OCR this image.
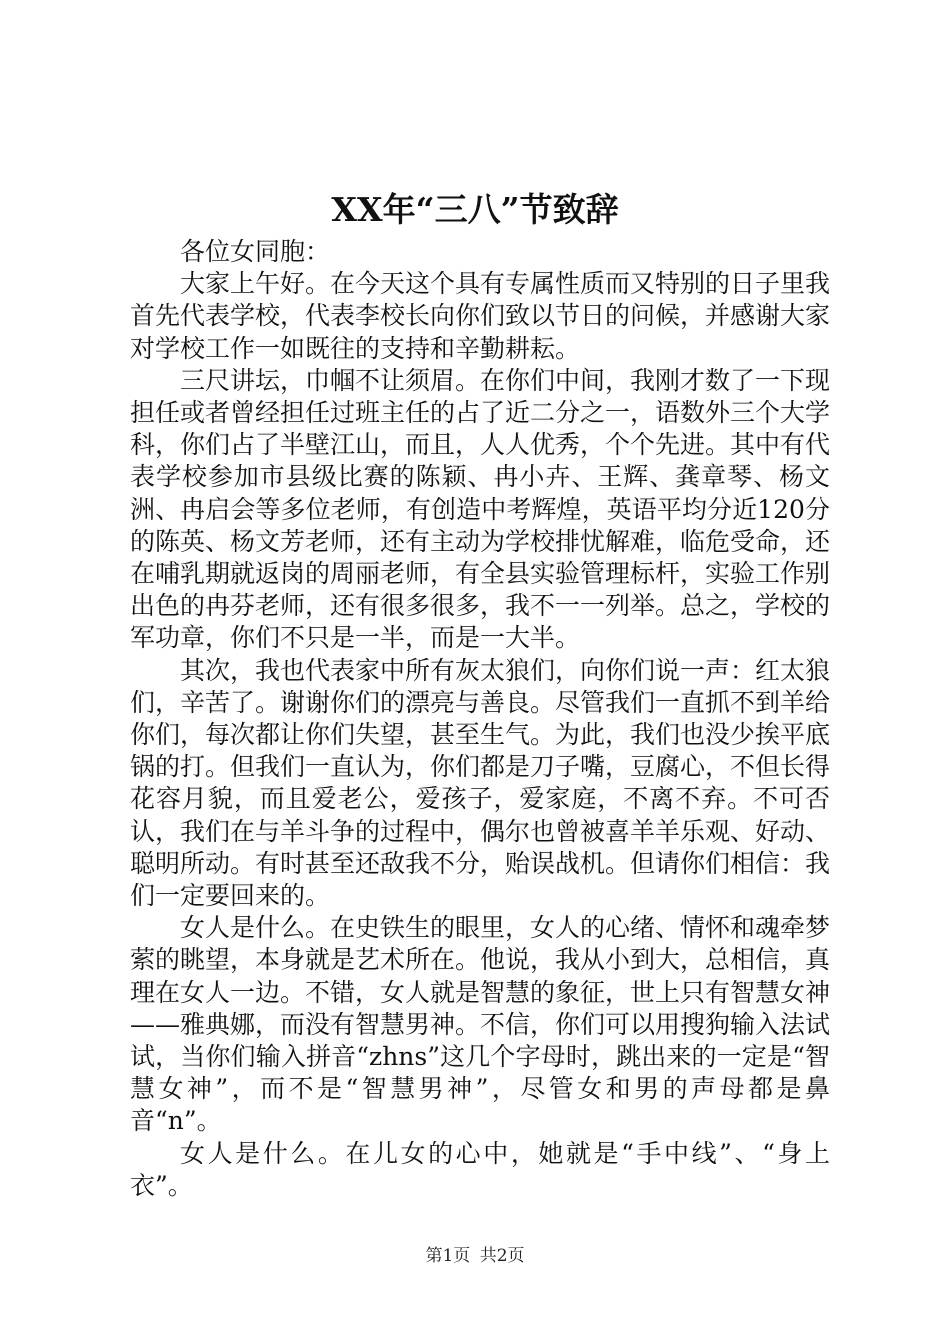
XX年“三八”节致辞

各位女同胞：

大家上午好。在今天这个具有专属性质而又特别的日子里我首先代表学校，代表李校长向你们致以节日的问候，并感谢大家对学校工作一如既往的支持和辛勤耕耘。

三尺讲坛，巾帼不让须眉。在你们中间，我刚才数了一下现担任或者曾经担任过班主任的占了近二分之一，语数外三个大学科，你们占了半壁江山，而且，人人优秀，个个先进。其中有代表学校参加市县级比赛的陈颖、冉小卉、王辉、龚章琴、杨文洲、冉启会等多位老师，有创造中考辉煌，英语平均分近120分的陈英、杨文芳老师，还有主动为学校排忧解难，临危受命，还在哺乳期就返岗的周丽老师，有全县实验管理标杆，实验工作别出色的冉芬老师，还有很多很多，我不一一列举。总之，学校的军功章，你们不只是一半，而是一大半。

其次，我也代表家中所有灰太狼们，向你们说一声：红太狼们，辛苦了。谢谢你们的漂亮与善良。尽管我们一直抓不到羊给你们，每次都让你们失望，甚至生气。为此，我们也没少挨平底锅的打。但我们一直认为，你们都是刀子嘴，豆腐心，不但长得花容月貌，而且爱老公，爱孩子，爱家庭，不离不弃。不可否认，我们在与羊斗争的过程中，偶尔也曾被喜羊羊乐观、好动、聪明所动。有时甚至还敌我不分，贻误战机。但请你们相信：我们一定要回来的。

女人是什么。在史铁生的眼里，女人的心绪、情怀和魂牵梦萦的眺望，本身就是艺术所在。他说，我从小到大，总相信，真理在女人一边。不错，女人就是智慧的象征，世上只有智慧女神——雅典娜，而没有智慧男神。不信，你们可以用搜狗输入法试试，当你们输入拼音“zhns”这几个字母时，跳出来的一定是“智慧女神”，而不是“智慧男神”，尽管女和男的声母都是鼻音“n”。

女人是什么。在儿女的心中，她就是“手中线”、“身上衣”。

第1页 共2页
